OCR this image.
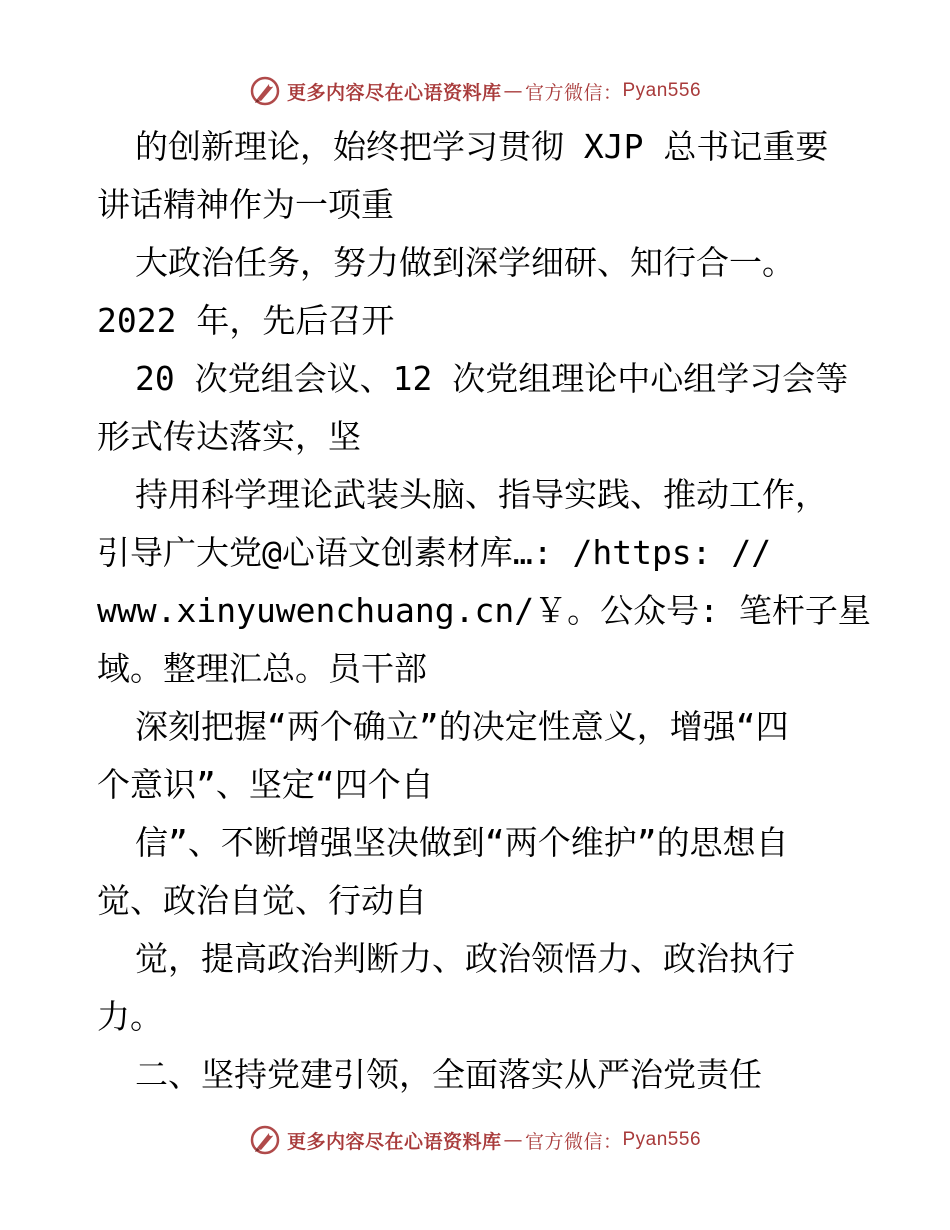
更多内容尽在心语资料库 — 官方微信： Pyan556
的创新理论，始终把学习贯彻 XJP 总书记重要
讲话精神作为一项重
大政治任务，努力做到深学细研、知行合一。
2022 年，先后召开
20 次党组会议、12 次党组理论中心组学习会等
形式传达落实，坚
持用科学理论武装头脑、指导实践、推动工作，
引导广大党@心语文创素材库…: /https: //
www.xinyuwenchuang.cn/￥。公众号: 笔杆子星
域。整理汇总。员干部
深刻把握“两个确立”的决定性意义，增强“四
个意识”、坚定“四个自
信”、不断增强坚决做到“两个维护”的思想自
觉、政治自觉、行动自
觉，提高政治判断力、政治领悟力、政治执行
力。
二、坚持党建引领，全面落实从严治党责任
更多内容尽在心语资料库 — 官方微信： Pyan556
